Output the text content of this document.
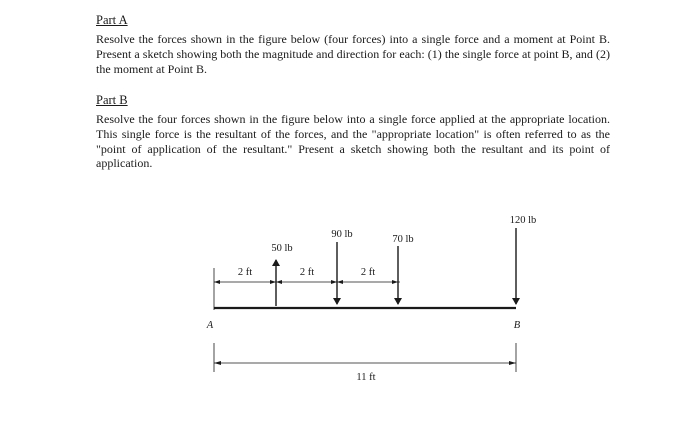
Part A

Resolve the forces shown in the figure below (four forces) into a single force and a moment at Point B. Present a sketch showing both the magnitude and direction for each: (1) the single force at point B, and (2) the moment at Point B.

Part B

Resolve the four forces shown in the figure below into a single force applied at the appropriate location. This single force is the resultant of the forces, and the "appropriate location" is often referred to as the "point of application of the resultant." Present a sketch showing both the resultant and its point of application.

2 ft	2 ft	2 ft
50 lb
90 lb	70 lb
120 lb
A	B
11 ft
